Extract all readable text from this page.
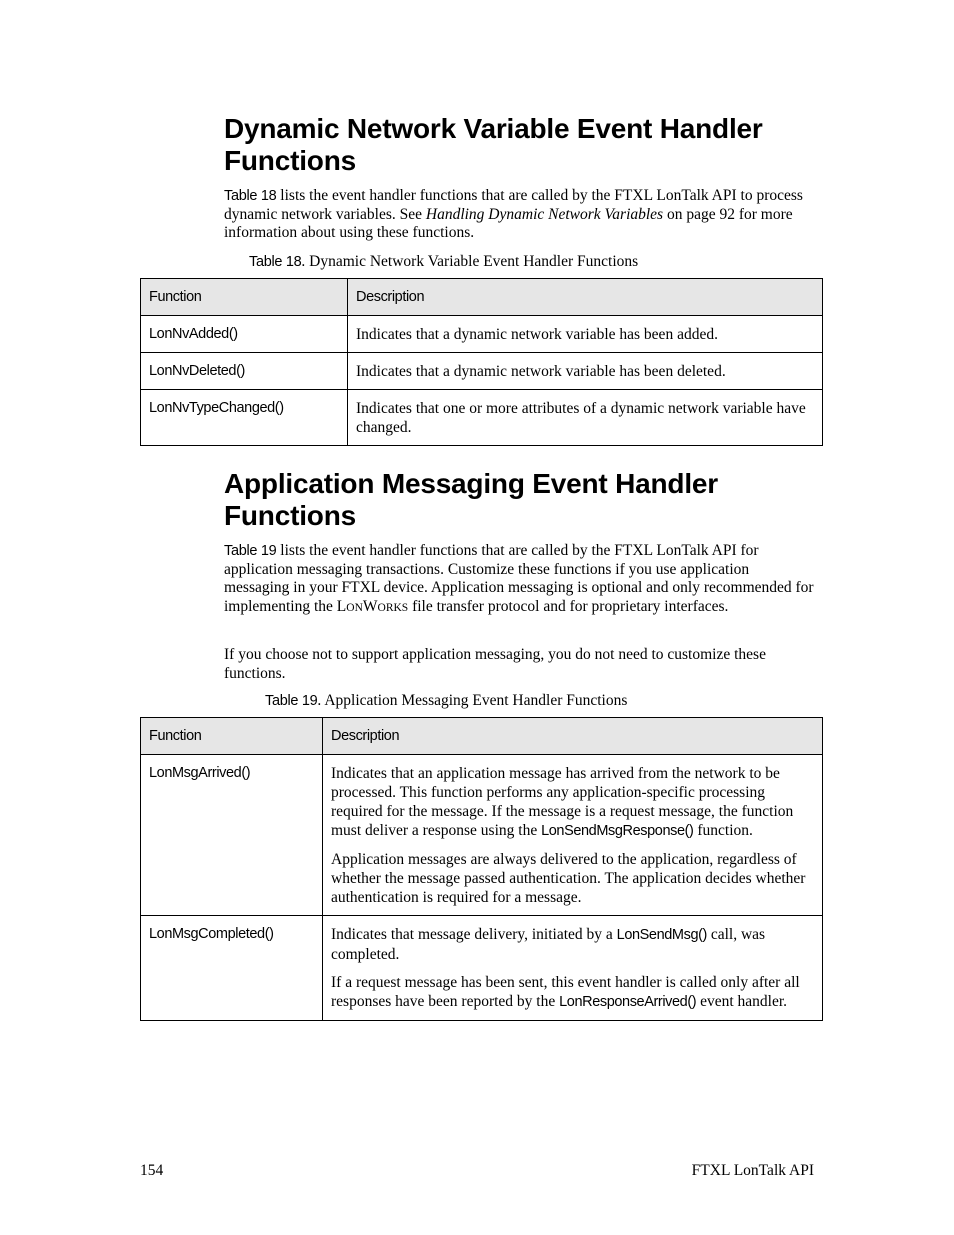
Dynamic Network Variable Event Handler
Functions

Table 18 lists the event handler functions that are called by the FTXL LonTalk API to process dynamic network variables. See Handling Dynamic Network Variables on page 92 for more information about using these functions.

Table 18. Dynamic Network Variable Event Handler Functions
Function	Description
LonNvAdded()	Indicates that a dynamic network variable has been added.
LonNvDeleted()	Indicates that a dynamic network variable has been deleted.
LonNvTypeChanged()	Indicates that one or more attributes of a dynamic network variable have changed.
Application Messaging Event Handler
Functions

Table 19 lists the event handler functions that are called by the FTXL LonTalk API for application messaging transactions. Customize these functions if you use application messaging in your FTXL device. Application messaging is optional and only recommended for implementing the LONWORKS file transfer protocol and for proprietary interfaces.

If you choose not to support application messaging, you do not need to customize these functions.

Table 19. Application Messaging Event Handler Functions
Function	Description
LonMsgArrived()	Indicates that an application message has arrived from the network to be processed. This function performs any application-specific processing required for the message. If the message is a request message, the function must deliver a response using the LonSendMsgResponse() function.
Application messages are always delivered to the application, regardless of whether the message passed authentication. The application decides whether authentication is required for a message.

LonMsgCompleted()	Indicates that message delivery, initiated by a LonSendMsg() call, was completed.
If a request message has been sent, this event handler is called only after all responses have been reported by the LonResponseArrived() event handler.
154	FTXL LonTalk API
